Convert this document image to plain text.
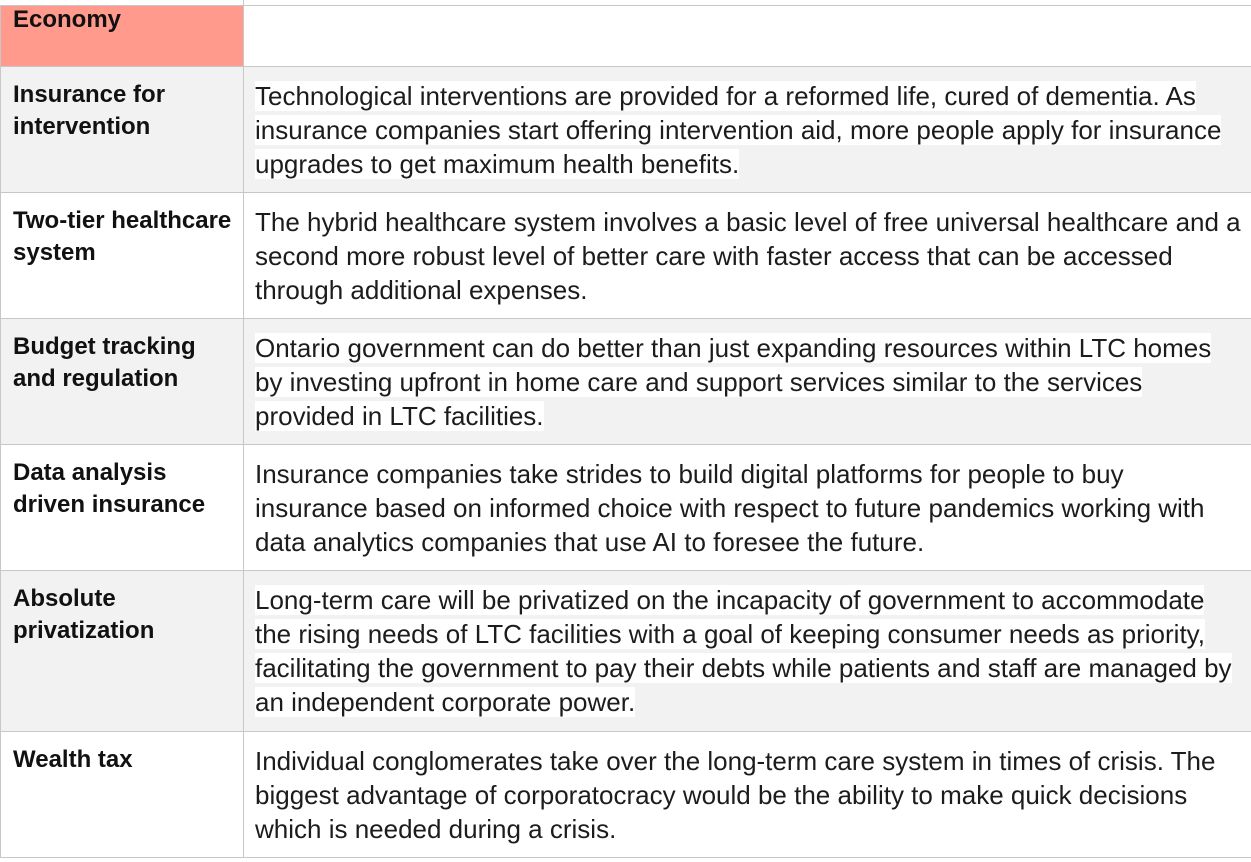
Economy	

Insurance for intervention	Technological interventions are provided for a reformed life, cured of dementia. As insurance companies start offering intervention aid, more people apply for insurance upgrades to get maximum health benefits.
Two-tier healthcare system	The hybrid healthcare system involves a basic level of free universal healthcare and a second more robust level of better care with faster access that can be accessed through additional expenses.
Budget tracking and regulation	Ontario government can do better than just expanding resources within LTC homes by investing upfront in home care and support services similar to the services provided in LTC facilities.
Data analysis driven insurance	Insurance companies take strides to build digital platforms for people to buy insurance based on informed choice with respect to future pandemics working with data analytics companies that use AI to foresee the future.
Absolute privatization	Long-term care will be privatized on the incapacity of government to accommodate the rising needs of LTC facilities with a goal of keeping consumer needs as priority, facilitating the government to pay their debts while patients and staff are managed by an independent corporate power.
Wealth tax	Individual conglomerates take over the long-term care system in times of crisis. The biggest advantage of corporatocracy would be the ability to make quick decisions which is needed during a crisis.
